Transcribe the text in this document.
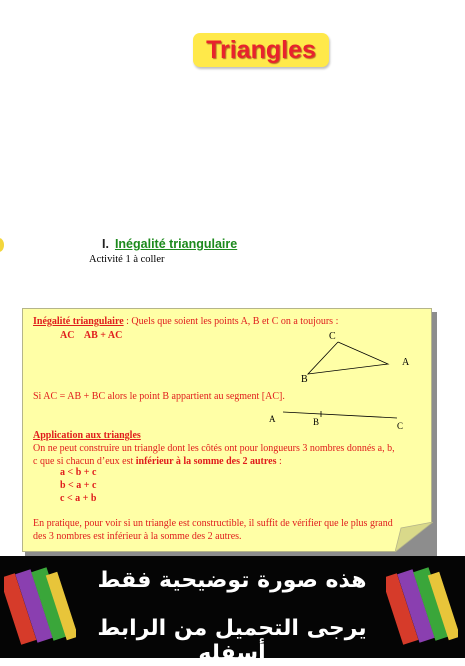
Triangles
I. Inégalité triangulaire
Activité 1 à coller
Inégalité triangulaire : Quels que soient les points A, B et C on a toujours :
AC    AB + AC	C
A
B
Si AC = AB + BC alors le point B appartient au segment [AC].
A	B	C
Application aux triangles
On ne peut construire un triangle dont les côtés ont pour longueurs 3 nombres donnés a, b,
c que si chacun d’eux est inférieur à la somme des 2 autres :
a < b + c
b < a + c
c < a + b
En pratique, pour voir si un triangle est constructible, il suffit de vérifier que le plus grand
des 3 nombres est inférieur à la somme des 2 autres.
هذه صورة توضيحية فقط
يرجى التحميل من الرابط أسفله
